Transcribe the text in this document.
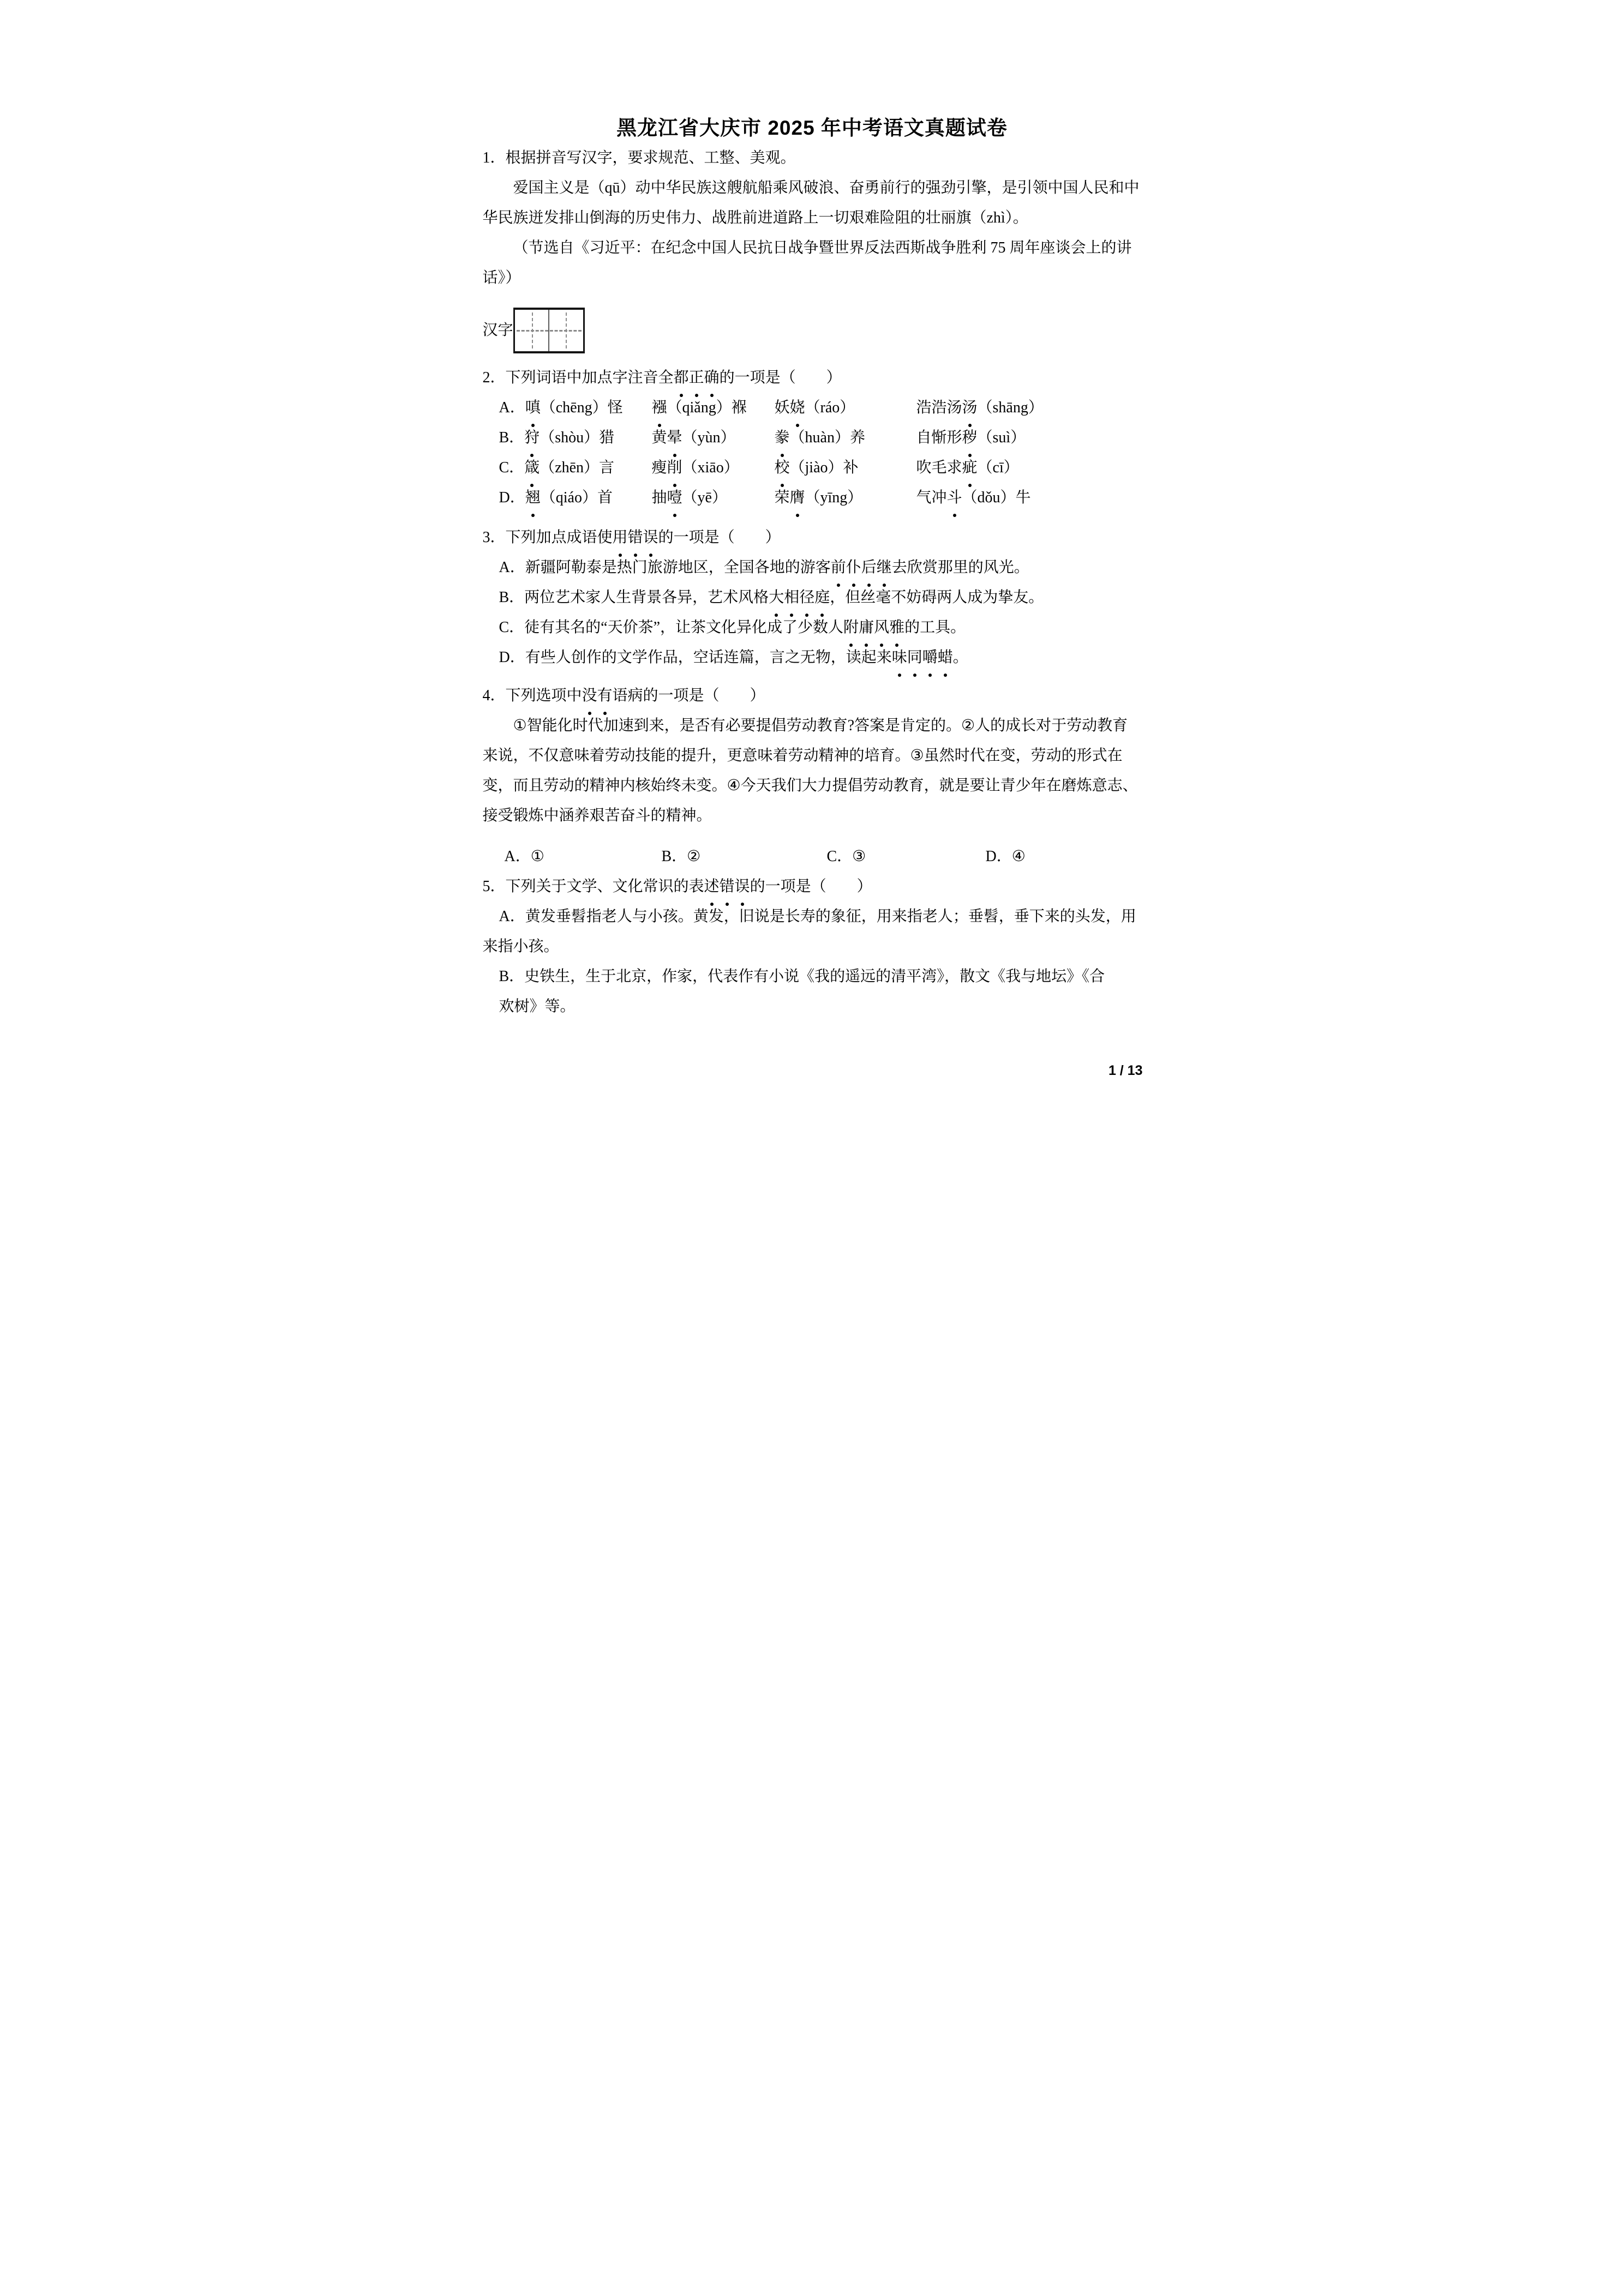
黑龙江省大庆市 2025 年中考语文真题试卷
1．根据拼音写汉字，要求规范、工整、美观。
爱国主义是（qū）动中华民族这艘航船乘风破浪、奋勇前行的强劲引擎，是引领中国人民和中
华民族迸发排山倒海的历史伟力、战胜前进道路上一切艰难险阻的壮丽旗（zhì）。
（节选自《习近平：在纪念中国人民抗日战争暨世界反法西斯战争胜利 75 周年座谈会上的讲
话》）
汉字
2．下列词语中加点字注音全都正确的一项是（　　）
A．嗔（chēng）怪	襁（qiǎng）褓	妖娆（ráo）	浩浩汤汤（shāng）
B．狩（shòu）猎	黄晕（yùn）	豢（huàn）养	自惭形秽（suì）
C．箴（zhēn）言	瘦削（xiāo）	校（jiào）补	吹毛求疵（cī）
D．翘（qiáo）首	抽噎（yē）	荣膺（yīng）	气冲斗（dǒu）牛
3．下列加点成语使用错误的一项是（　　）
A．新疆阿勒泰是热门旅游地区，全国各地的游客前仆后继去欣赏那里的风光。
B．两位艺术家人生背景各异，艺术风格大相径庭，但丝毫不妨碍两人成为挚友。
C．徒有其名的“天价茶”，让茶文化异化成了少数人附庸风雅的工具。
D．有些人创作的文学作品，空话连篇，言之无物，读起来味同嚼蜡。
4．下列选项中没有语病的一项是（　　）
①智能化时代加速到来，是否有必要提倡劳动教育?答案是肯定的。②人的成长对于劳动教育
来说，不仅意味着劳动技能的提升，更意味着劳动精神的培育。③虽然时代在变，劳动的形式在
变，而且劳动的精神内核始终未变。④今天我们大力提倡劳动教育，就是要让青少年在磨炼意志、
接受锻炼中涵养艰苦奋斗的精神。
A．①	B．②	C．③	D．④
5．下列关于文学、文化常识的表述错误的一项是（　　）
A．黄发垂髫指老人与小孩。黄发，旧说是长寿的象征，用来指老人；垂髫，垂下来的头发，用
来指小孩。
B．史铁生，生于北京，作家，代表作有小说《我的遥远的清平湾》，散文《我与地坛》《合
欢树》等。
1 / 13
